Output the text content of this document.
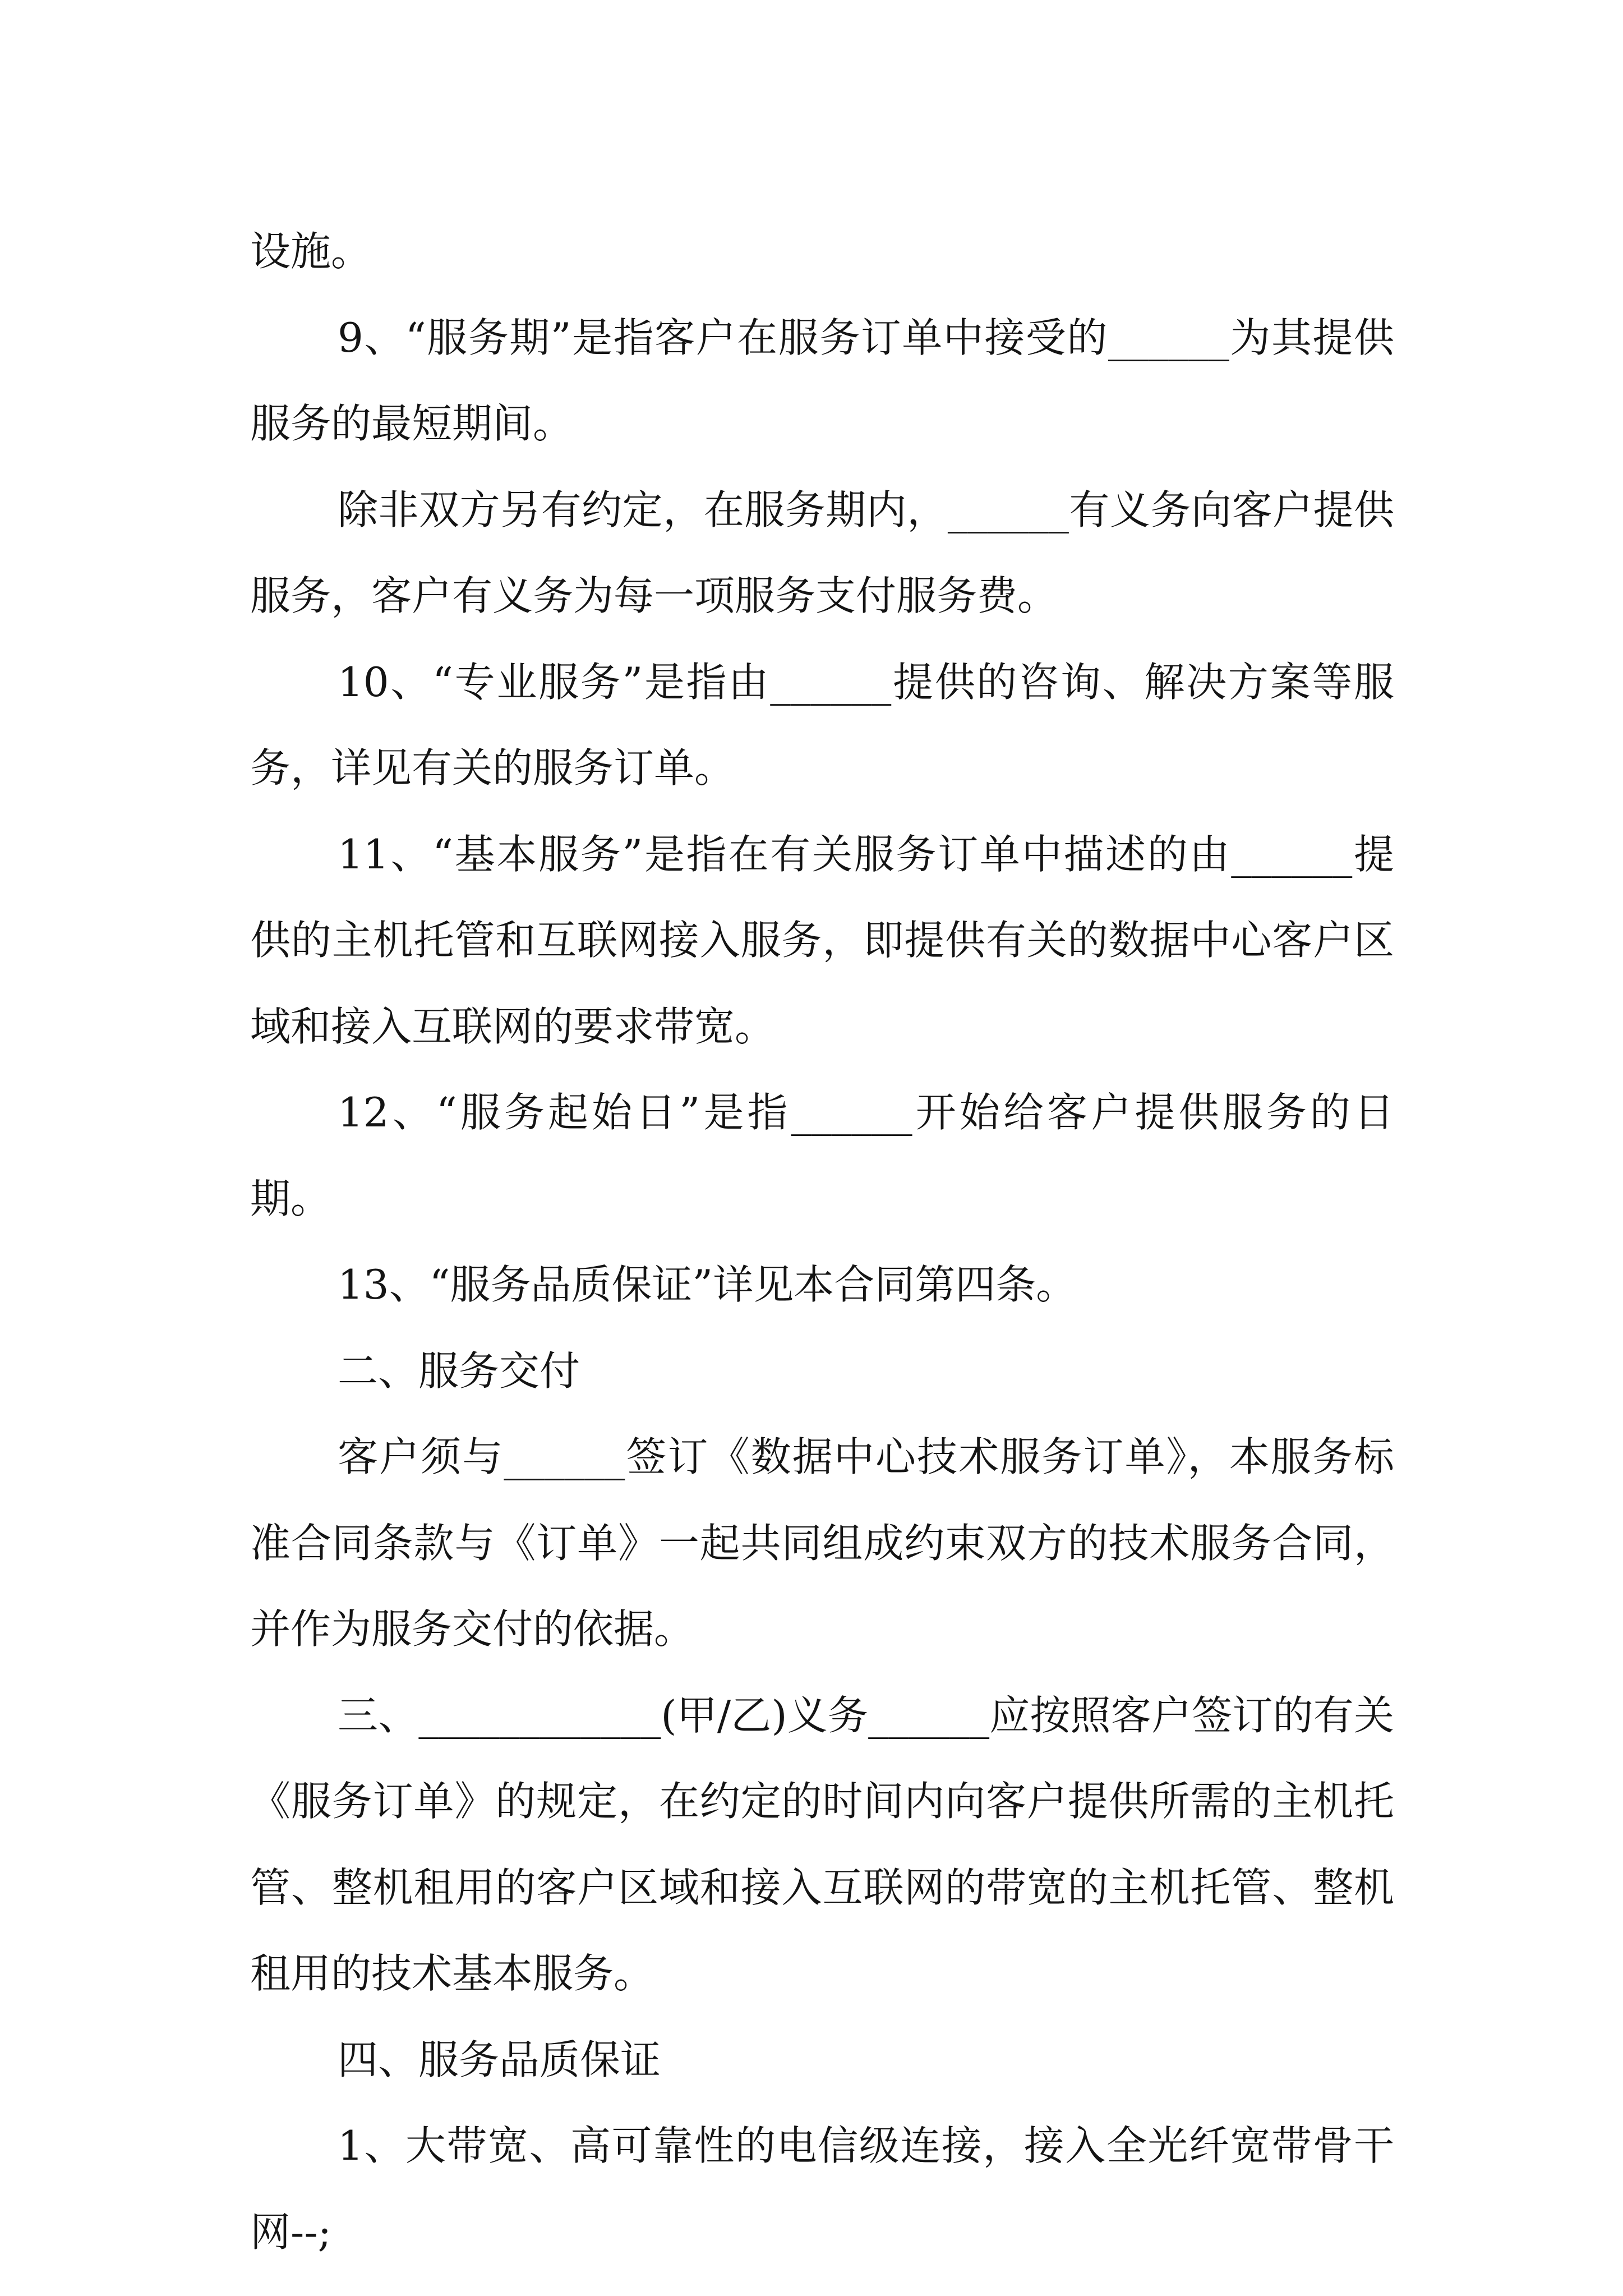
设施。

9、“服务期”是指客户在服务订单中接受的______为其提供服务的最短期间。

除非双方另有约定，在服务期内，______有义务向客户提供服务，客户有义务为每一项服务支付服务费。

10、“专业服务”是指由______提供的咨询、解决方案等服务，详见有关的服务订单。

11、“基本服务”是指在有关服务订单中描述的由______提供的主机托管和互联网接入服务，即提供有关的数据中心客户区域和接入互联网的要求带宽。

12、“服务起始日”是指______开始给客户提供服务的日期。

13、“服务品质保证”详见本合同第四条。

二、服务交付

客户须与______签订《数据中心技术服务订单》，本服务标准合同条款与《订单》一起共同组成约束双方的技术服务合同，并作为服务交付的依据。

三、____________(甲/乙)义务______应按照客户签订的有关《服务订单》的规定，在约定的时间内向客户提供所需的主机托管、整机租用的客户区域和接入互联网的带宽的主机托管、整机租用的技术基本服务。

四、服务品质保证

1、大带宽、高可靠性的电信级连接，接入全光纤宽带骨干网--;
